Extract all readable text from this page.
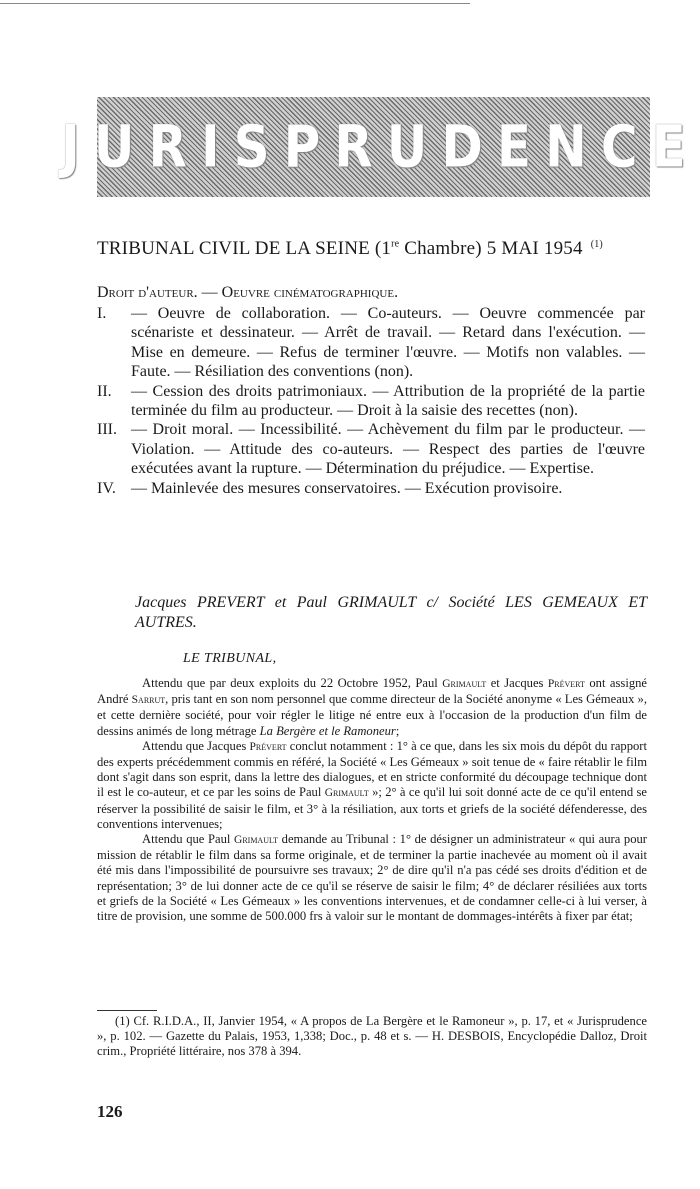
JURISPRUDENCE
TRIBUNAL CIVIL DE LA SEINE (1re Chambre) 5 MAI 1954 $^{(1)}$
Droit d'auteur. — Oeuvre cinématographique.
I.	— Oeuvre de collaboration. — Co-auteurs. — Oeuvre commencée par scénariste et dessinateur. — Arrêt de travail. — Retard dans l'exécution. — Mise en demeure. — Refus de terminer l'œuvre. — Motifs non valables. — Faute. — Résiliation des conventions (non).
II.	— Cession des droits patrimoniaux. — Attribution de la propriété de la partie terminée du film au producteur. — Droit à la saisie des recettes (non).
III. — Droit moral. — Incessibilité. — Achèvement du film par le producteur. — Violation. — Attitude des co-auteurs. — Respect des parties de l'œuvre exécutées avant la rupture. — Détermination du préjudice. — Expertise.
IV. — Mainlevée des mesures conservatoires. — Exécution provisoire.
Jacques PREVERT et Paul GRIMAULT c/ Société LES GEMEAUX ET AUTRES.
LE TRIBUNAL,

Attendu que par deux exploits du 22 Octobre 1952, Paul Grimault et Jacques Prévert ont assigné André Sarrut, pris tant en son nom personnel que comme directeur de la Société anonyme « Les Gémeaux », et cette dernière société, pour voir régler le litige né entre eux à l'occasion de la production d'un film de dessins animés de long métrage La Bergère et le Ramoneur;

Attendu que Jacques Prévert conclut notamment : 1° à ce que, dans les six mois du dépôt du rapport des experts précédemment commis en référé, la Société « Les Gémeaux » soit tenue de « faire rétablir le film dont s'agit dans son esprit, dans la lettre des dialogues, et en stricte conformité du découpage technique dont il est le co-auteur, et ce par les soins de Paul Grimault »; 2° à ce qu'il lui soit donné acte de ce qu'il entend se réserver la possibilité de saisir le film, et 3° à la résiliation, aux torts et griefs de la société défenderesse, des conventions intervenues;

Attendu que Paul Grimault demande au Tribunal : 1° de désigner un administrateur « qui aura pour mission de rétablir le film dans sa forme originale, et de terminer la partie inachevée au moment où il avait été mis dans l'impossibilité de poursuivre ses travaux; 2° de dire qu'il n'a pas cédé ses droits d'édition et de représentation; 3° de lui donner acte de ce qu'il se réserve de saisir le film; 4° de déclarer résiliées aux torts et griefs de la Société « Les Gémeaux » les conventions intervenues, et de condamner celle-ci à lui verser, à titre de provision, une somme de 500.000 frs à valoir sur le montant de dommages-intérêts à fixer par état;

(1) Cf. R.I.D.A., II, Janvier 1954, « A propos de La Bergère et le Ramoneur », p. 17, et « Jurisprudence », p. 102. — Gazette du Palais, 1953, 1,338; Doc., p. 48 et s. — H. DESBOIS, Encyclopédie Dalloz, Droit crim., Propriété littéraire, nos 378 à 394.

126
